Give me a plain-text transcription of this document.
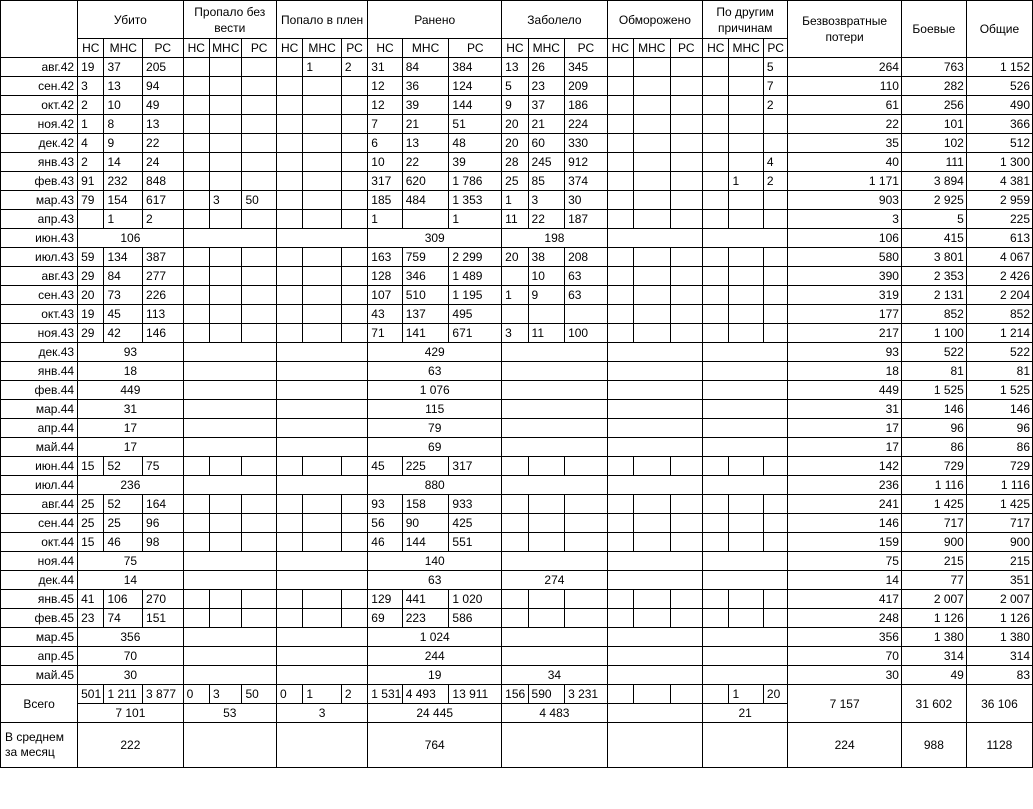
	Убито			Пропало без вести			Попало в плен			Ранено			Заболело			Обморожено			По другим причинам			Безвозвратные потери	Боевые	Общие
	НС	МНС	РС	НС	МНС	РС	НС	МНС	РС	НС	МНС	РС	НС	МНС	РС	НС	МНС	РС	НС	МНС	РС			
авг.42	19	37	205					1	2	31	84	384	13	26	345						5	264	763	1 152
сен.42	3	13	94							12	36	124	5	23	209						7	110	282	526
окт.42	2	10	49							12	39	144	9	37	186						2	61	256	490
ноя.42	1	8	13							7	21	51	20	21	224							22	101	366
дек.42	4	9	22							6	13	48	20	60	330							35	102	512
янв.43	2	14	24							10	22	39	28	245	912						4	40	111	1 300
фев.43	91	232	848							317	620	1 786	25	85	374					1	2	1 171	3 894	4 381
мар.43	79	154	617		3	50				185	484	1 353	1	3	30							903	2 925	2 959
апр.43		1	2							1		1	11	22	187							3	5	225
июн.43	106									309			198									106	415	613
июл.43	59	134	387							163	759	2 299	20	38	208							580	3 801	4 067
авг.43	29	84	277							128	346	1 489		10	63							390	2 353	2 426
сен.43	20	73	226							107	510	1 195	1	9	63							319	2 131	2 204
окт.43	19	45	113							43	137	495										177	852	852
ноя.43	29	42	146							71	141	671	3	11	100							217	1 100	1 214
дек.43	93									429												93	522	522
янв.44	18									63												18	81	81
фев.44	449									1 076												449	1 525	1 525
мар.44	31									115												31	146	146
апр.44	17									79												17	96	96
май.44	17									69												17	86	86
июн.44	15	52	75							45	225	317										142	729	729
июл.44	236									880												236	1 116	1 116
авг.44	25	52	164							93	158	933										241	1 425	1 425
сен.44	25	25	96							56	90	425										146	717	717
окт.44	15	46	98							46	144	551										159	900	900
ноя.44	75									140												75	215	215
дек.44	14									63			274									14	77	351
янв.45	41	106	270							129	441	1 020										417	2 007	2 007
фев.45	23	74	151							69	223	586										248	1 126	1 126
мар.45	356									1 024												356	1 380	1 380
апр.45	70									244												70	314	314
май.45	30									19			34									30	49	83
Всего	501	1 211	3 877	0	3	50	0	1	2	1 531	4 493	13 911	156	590	3 231					1	20	7 157	31 602	36 106
	7 101			53			3			24 445			4 483						21					
В среднем за месяц	222									764												224	988	1128
